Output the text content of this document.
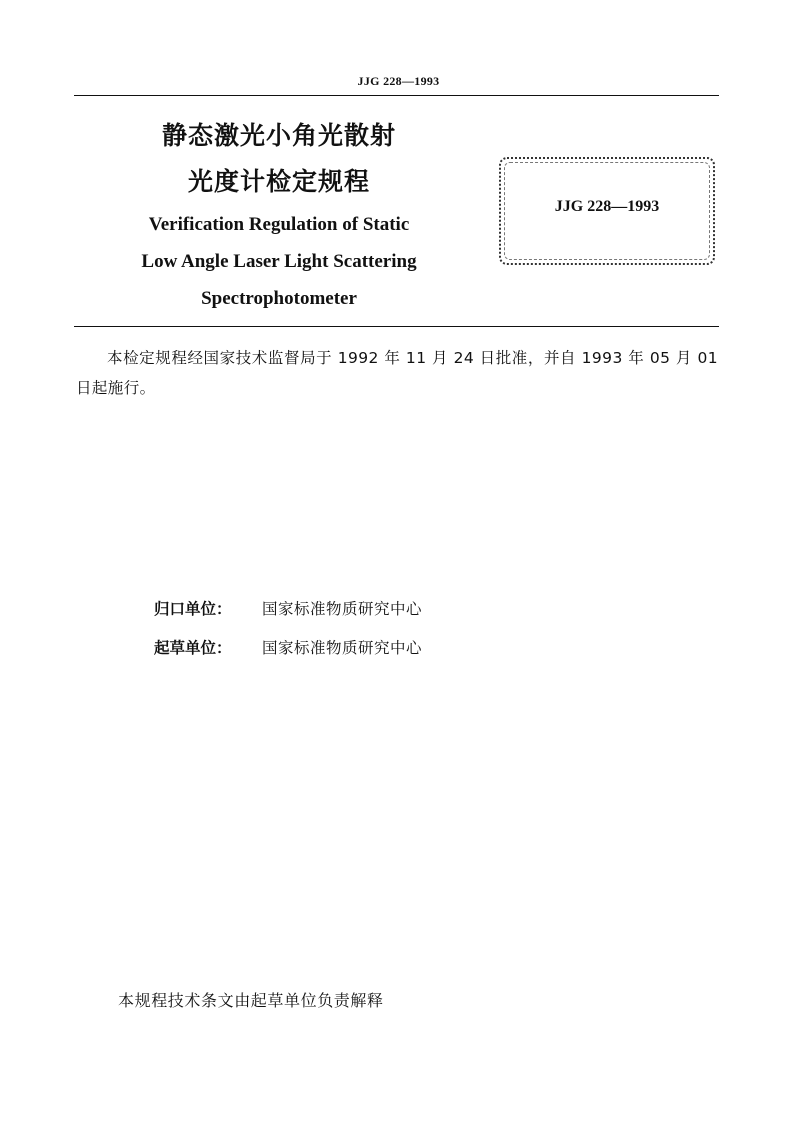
JJG 228—1993
静态激光小角光散射
光度计检定规程
Verification Regulation of Static
Low Angle Laser Light Scattering
Spectrophotometer
JJG 228—1993
本检定规程经国家技术监督局于 1992 年 11 月 24 日批准，并自 1993 年 05 月 01 日起施行。
归口单位： 国家标准物质研究中心
起草单位： 国家标准物质研究中心
本规程技术条文由起草单位负责解释
